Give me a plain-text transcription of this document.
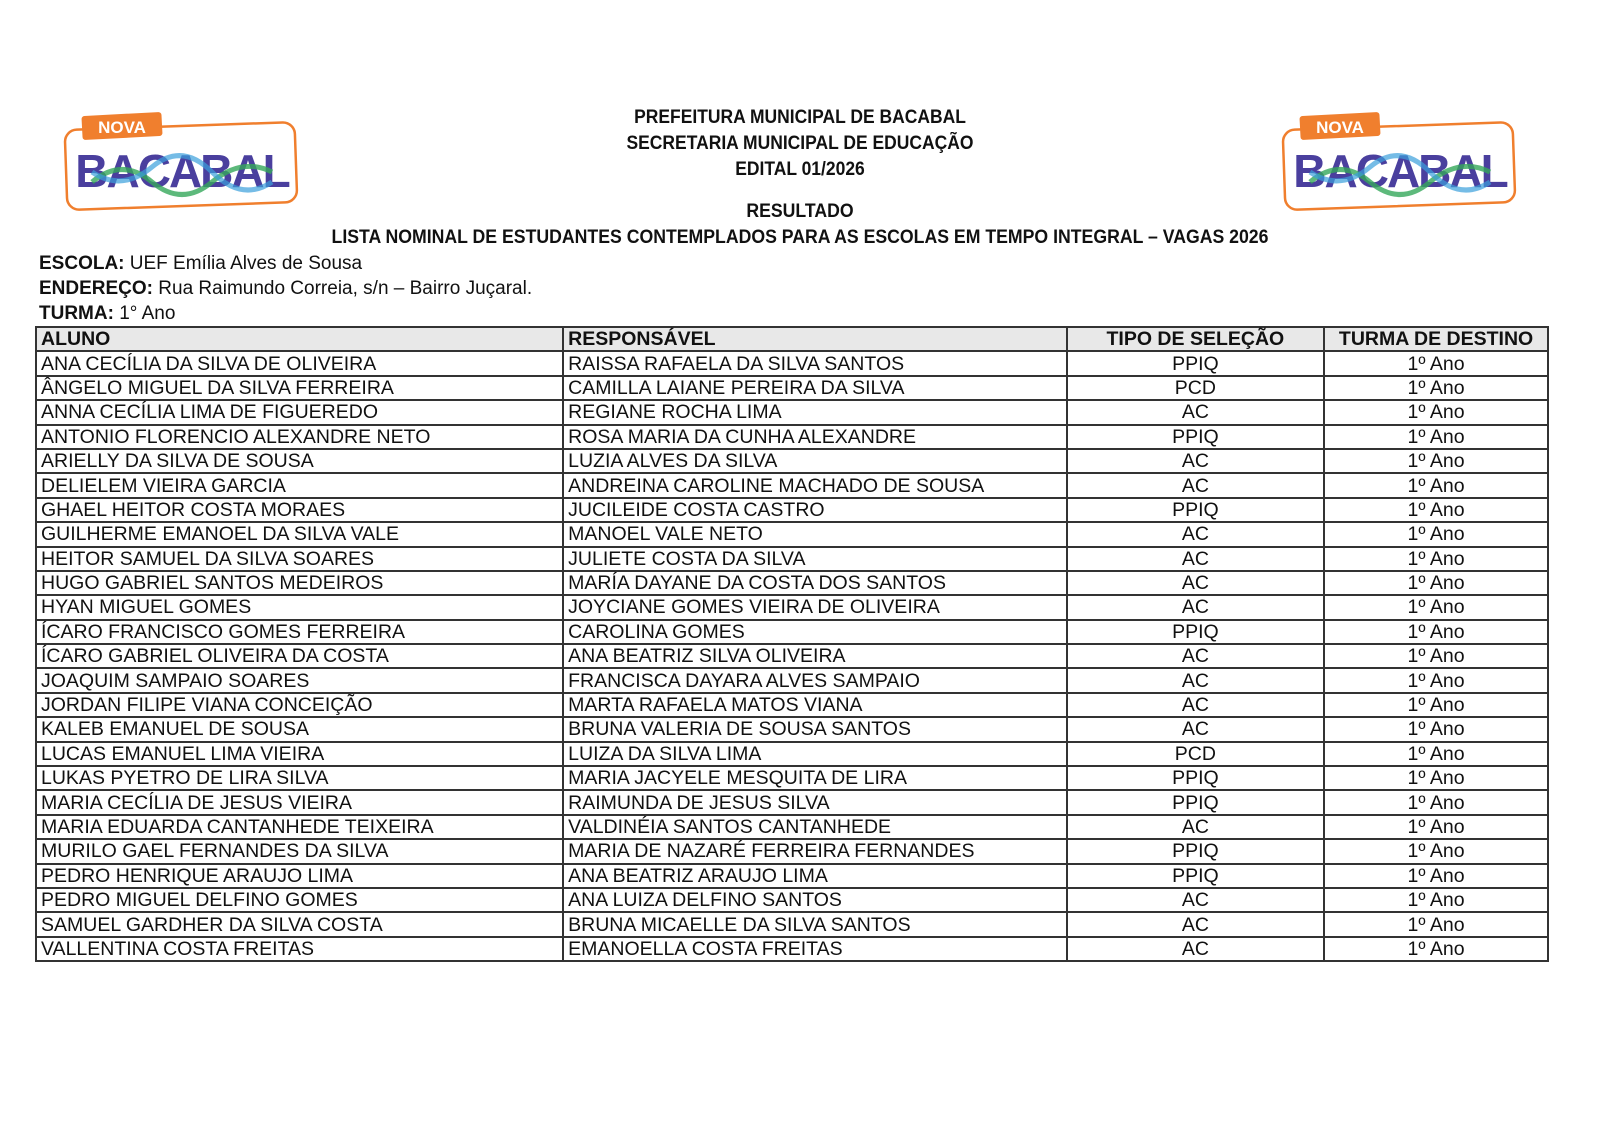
NOVA
BACABAL
NOVA
BACABAL
PREFEITURA MUNICIPAL DE BACABAL
SECRETARIA MUNICIPAL DE EDUCAÇÃO
EDITAL 01/2026
RESULTADO
LISTA NOMINAL DE ESTUDANTES CONTEMPLADOS PARA AS ESCOLAS EM TEMPO INTEGRAL – VAGAS 2026
ESCOLA: UEF Emília Alves de Sousa
ENDEREÇO: Rua Raimundo Correia, s/n – Bairro Juçaral.
TURMA: 1° Ano
ALUNO	RESPONSÁVEL	TIPO DE SELEÇÃO	TURMA DE DESTINO
ANA CECÍLIA DA SILVA DE OLIVEIRA	RAISSA RAFAELA DA SILVA SANTOS	PPIQ	1º Ano
ÂNGELO MIGUEL DA SILVA FERREIRA	CAMILLA LAIANE PEREIRA DA SILVA	PCD	1º Ano
ANNA CECÍLIA LIMA DE FIGUEREDO	REGIANE ROCHA LIMA	AC	1º Ano
ANTONIO FLORENCIO ALEXANDRE NETO	ROSA MARIA DA CUNHA ALEXANDRE	PPIQ	1º Ano
ARIELLY DA SILVA DE SOUSA	LUZIA ALVES DA SILVA	AC	1º Ano
DELIELEM VIEIRA GARCIA	ANDREINA CAROLINE MACHADO DE SOUSA	AC	1º Ano
GHAEL HEITOR COSTA MORAES	JUCILEIDE COSTA CASTRO	PPIQ	1º Ano
GUILHERME EMANOEL DA SILVA VALE	MANOEL VALE NETO	AC	1º Ano
HEITOR SAMUEL DA SILVA SOARES	JULIETE COSTA DA SILVA	AC	1º Ano
HUGO GABRIEL SANTOS MEDEIROS	MARÍA DAYANE DA COSTA DOS SANTOS	AC	1º Ano
HYAN MIGUEL GOMES	JOYCIANE GOMES VIEIRA DE OLIVEIRA	AC	1º Ano
ÍCARO FRANCISCO GOMES FERREIRA	CAROLINA GOMES	PPIQ	1º Ano
ÍCARO GABRIEL OLIVEIRA DA COSTA	ANA BEATRIZ SILVA OLIVEIRA	AC	1º Ano
JOAQUIM SAMPAIO SOARES	FRANCISCA DAYARA ALVES SAMPAIO	AC	1º Ano
JORDAN FILIPE VIANA CONCEIÇÃO	MARTA RAFAELA MATOS VIANA	AC	1º Ano
KALEB EMANUEL DE SOUSA	BRUNA VALERIA DE SOUSA SANTOS	AC	1º Ano
LUCAS EMANUEL LIMA VIEIRA	LUIZA DA SILVA LIMA	PCD	1º Ano
LUKAS PYETRO DE LIRA SILVA	MARIA JACYELE MESQUITA DE LIRA	PPIQ	1º Ano
MARIA CECÍLIA DE JESUS VIEIRA	RAIMUNDA DE JESUS SILVA	PPIQ	1º Ano
MARIA EDUARDA CANTANHEDE TEIXEIRA	VALDINÉIA SANTOS CANTANHEDE	AC	1º Ano
MURILO GAEL FERNANDES DA SILVA	MARIA DE NAZARÉ FERREIRA FERNANDES	PPIQ	1º Ano
PEDRO HENRIQUE ARAUJO LIMA	ANA BEATRIZ ARAUJO LIMA	PPIQ	1º Ano
PEDRO MIGUEL DELFINO GOMES	ANA LUIZA DELFINO SANTOS	AC	1º Ano
SAMUEL GARDHER DA SILVA COSTA	BRUNA MICAELLE DA SILVA SANTOS	AC	1º Ano
VALLENTINA COSTA FREITAS	EMANOELLA COSTA FREITAS	AC	1º Ano
